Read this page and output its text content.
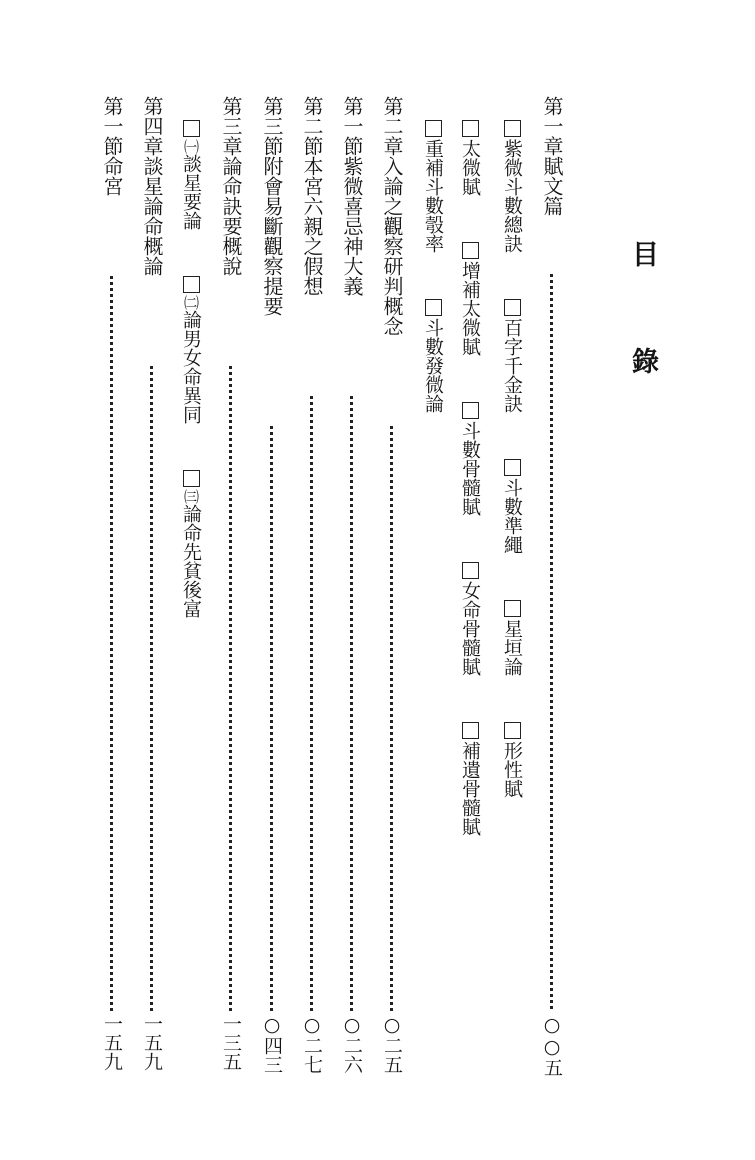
目錄
第一章賦文篇
○○五
紫微斗數總訣 百字千金訣 斗數準繩 星垣論 形性賦
太微賦 增補太微賦 斗數骨髓賦 女命骨髓賦 補遺骨髓賦
重補斗數彀率 斗數發微論
第二章入論之觀察研判概念
○二五
第一節紫微喜忌神大義
○二六
第二節本宮六親之假想
○二七
第三節附會易斷觀察提要
○四三
第三章論命訣要概說
一三五
㈠談星要論 ㈡論男女命異同 ㈢論命先貧後富
第四章談星論命概論
一五九
第一節命宮
一五九
